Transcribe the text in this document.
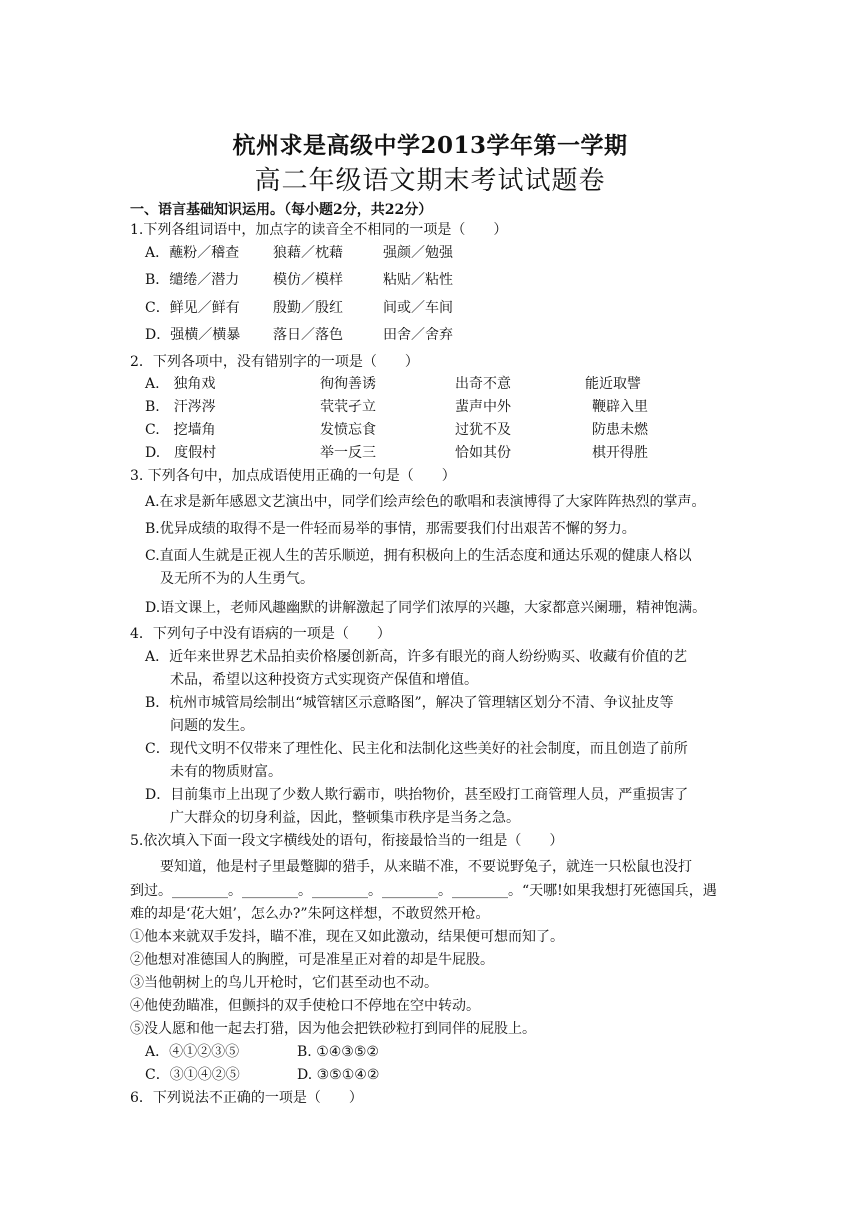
杭州求是高级中学2013学年第一学期
高二年级语文期末考试试题卷
一、语言基础知识运用。（每小题2分，共22分）
1.下列各组词语中，加点字的读音全不相同的一项是（　　）
A．蘸粉／稽查 狼藉／枕藉	强颜／勉强
B．缱绻／潜力 模仿／模样	粘贴／粘性
C．鲜见／鲜有 殷勤／殷红	间或／车间
D．强横／横暴 落日／落色	田舍／舍弃
2．下列各项中，没有错别字的一项是（　　）
A.　独角戏	徇徇善诱	出奇不意	能近取譬
B.　汗涔涔	茕茕孑立	蜚声中外	鞭辟入里
C.　挖墙角	发愤忘食	过犹不及	防患未燃
D.　度假村	举一反三	恰如其份	棋开得胜
3. 下列各句中，加点成语使用正确的一句是（　　）
A.在求是新年感恩文艺演出中，同学们绘声绘色的歌唱和表演博得了大家阵阵热烈的掌声。
B.优异成绩的取得不是一件轻而易举的事情，那需要我们付出艰苦不懈的努力。
C.直面人生就是正视人生的苦乐顺逆，拥有积极向上的生活态度和通达乐观的健康人格以
及无所不为的人生勇气。
D.语文课上，老师风趣幽默的讲解激起了同学们浓厚的兴趣，大家都意兴阑珊，精神饱满。
4．下列句子中没有语病的一项是（　　）
A．近年来世界艺术品拍卖价格屡创新高，许多有眼光的商人纷纷购买、收藏有价值的艺
术品，希望以这种投资方式实现资产保值和增值。
B．杭州市城管局绘制出“城管辖区示意略图”，解决了管理辖区划分不清、争议扯皮等
问题的发生。
C．现代文明不仅带来了理性化、民主化和法制化这些美好的社会制度，而且创造了前所
未有的物质财富。
D．目前集市上出现了少数人欺行霸市，哄抬物价，甚至殴打工商管理人员，严重损害了
广大群众的切身利益，因此，整顿集市秩序是当务之急。
5.依次填入下面一段文字横线处的语句，衔接最恰当的一组是（　　）
要知道，他是村子里最蹩脚的猎手，从来瞄不准，不要说野兔子，就连一只松鼠也没打
到过。________。________。________。________。________。“天哪!如果我想打死德国兵，遇
难的却是‘花大姐’，怎么办?”朱阿这样想，不敢贸然开枪。
①他本来就双手发抖，瞄不准，现在又如此激动，结果便可想而知了。
②他想对准德国人的胸膛，可是准星正对着的却是牛屁股。
③当他朝树上的鸟儿开枪时，它们甚至动也不动。
④他使劲瞄准，但颤抖的双手使枪口不停地在空中转动。
⑤没人愿和他一起去打猎，因为他会把铁砂粒打到同伴的屁股上。
A．④①②③⑤	B. ①④③⑤②
C．③①④②⑤	D. ③⑤①④②
6．下列说法不正确的一项是（　　）
